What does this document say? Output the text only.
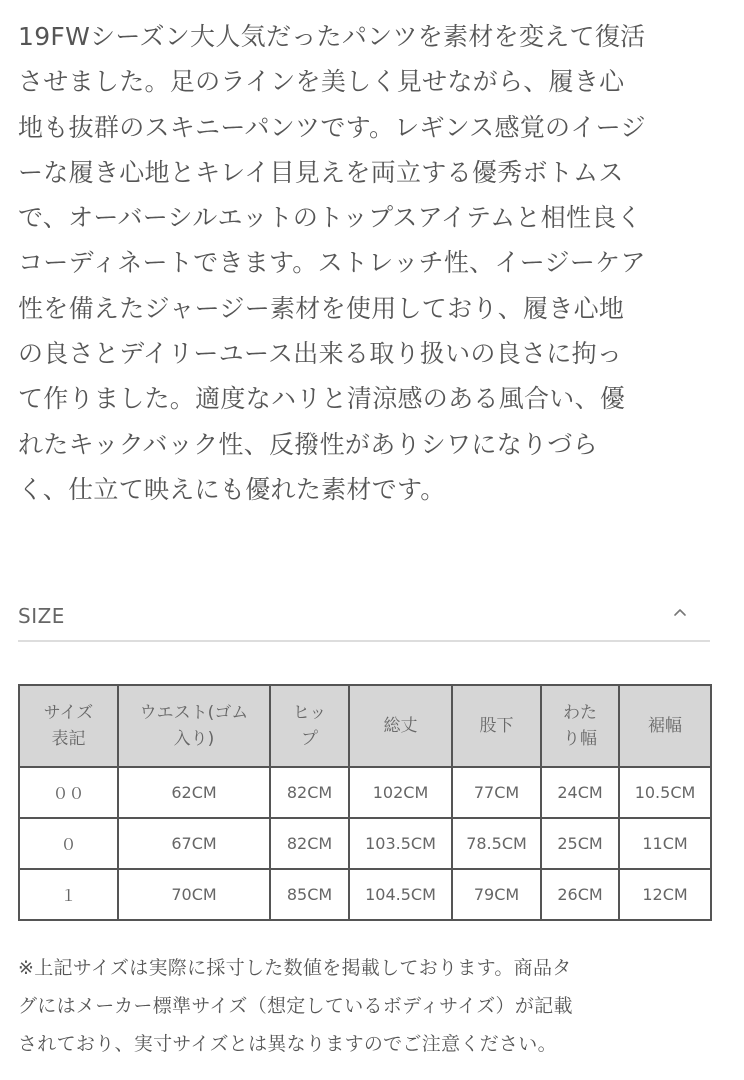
19FWシーズン大人気だったパンツを素材を変えて復活
させました。足のラインを美しく見せながら、履き心
地も抜群のスキニーパンツです。レギンス感覚のイージ
ーな履き心地とキレイ目見えを両立する優秀ボトムス
で、オーバーシルエットのトップスアイテムと相性良く
コーディネートできます。ストレッチ性、イージーケア
性を備えたジャージー素材を使用しており、履き心地
の良さとデイリーユース出来る取り扱いの良さに拘っ
て作りました。適度なハリと清涼感のある風合い、優
れたキックバック性、反撥性がありシワになりづら
く、仕立て映えにも優れた素材です。

SIZE
サイズ
表記	ウエスト(ゴム
入り)	ヒッ
プ	総丈	股下	わた
り幅	裾幅

００	62CM	82CM	102CM	77CM	24CM	10.5CM
０	67CM	82CM	103.5CM	78.5CM	25CM	11CM
１	70CM	85CM	104.5CM	79CM	26CM	12CM

※上記サイズは実際に採寸した数値を掲載しております。商品タ
グにはメーカー標準サイズ（想定しているボディサイズ）が記載
されており、実寸サイズとは異なりますのでご注意ください。
